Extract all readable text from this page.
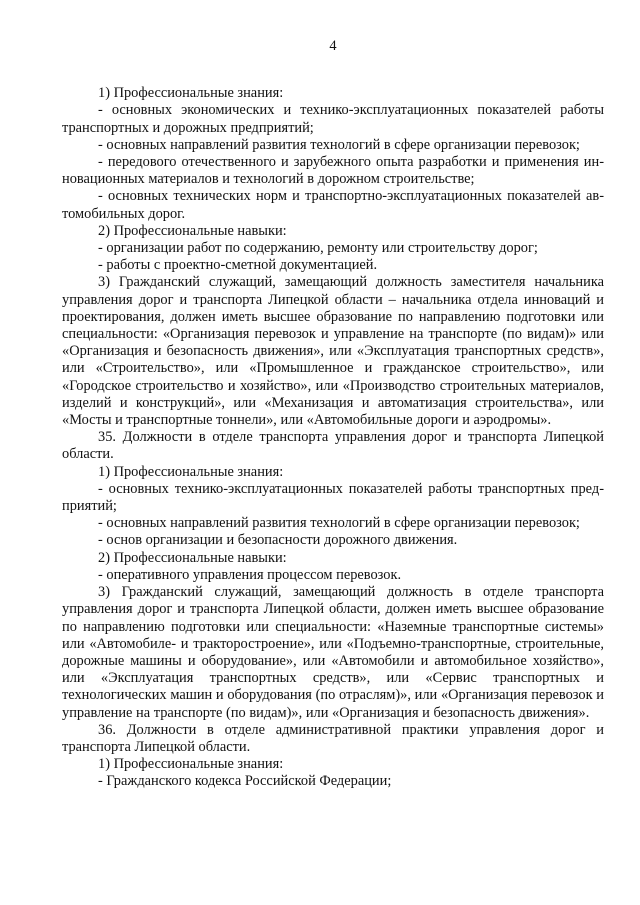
4

1) Профессиональные знания:

- основных экономических и технико-эксплуатационных показателей работы транспортных и дорожных предприятий;

- основных направлений развития технологий в сфере организации перевозок;

- передового отечественного и зарубежного опыта разработки и применения инновационных материалов и технологий в дорожном строительстве;

- основных технических норм и транспортно-эксплуатационных показателей автомобильных дорог.

2) Профессиональные навыки:

- организации работ по содержанию, ремонту или строительству дорог;

- работы с проектно-сметной документацией.

3) Гражданский служащий, замещающий должность заместителя начальника управления дорог и транспорта Липецкой области – начальника отдела инноваций и проектирования, должен иметь высшее образование по направлению подготовки или специальности: «Организация перевозок и управление на транспорте (по видам)» или «Организация и безопасность движения», или «Эксплуатация транспортных средств», или «Строительство», или «Промышленное и гражданское строительство», или «Городское строительство и хозяйство», или «Производство строительных материалов, изделий и конструкций», или «Механизация и автоматизация строительства», или «Мосты и транспортные тоннели», или «Автомобильные дороги и аэродромы».

35. Должности в отделе транспорта управления дорог и транспорта Липецкой области.

1) Профессиональные знания:

- основных технико-эксплуатационных показателей работы транспортных предприятий;

- основных направлений развития технологий в сфере организации перевозок;

- основ организации и безопасности дорожного движения.

2) Профессиональные навыки:

- оперативного управления процессом перевозок.

3) Гражданский служащий, замещающий должность в отделе транспорта управления дорог и транспорта Липецкой области, должен иметь высшее образование по направлению подготовки или специальности: «Наземные транспортные системы» или «Автомобиле- и тракторостроение», или «Подъемно-транспортные, строительные, дорожные машины и оборудование», или «Автомобили и автомобильное хозяйство», или «Эксплуатация транспортных средств», или «Сервис транспортных и технологических машин и оборудования (по отраслям)», или «Организация перевозок и управление на транспорте (по видам)», или «Организация и безопасность движения».

36. Должности в отделе административной практики управления дорог и транспорта Липецкой области.

1) Профессиональные знания:

- Гражданского кодекса Российской Федерации;
